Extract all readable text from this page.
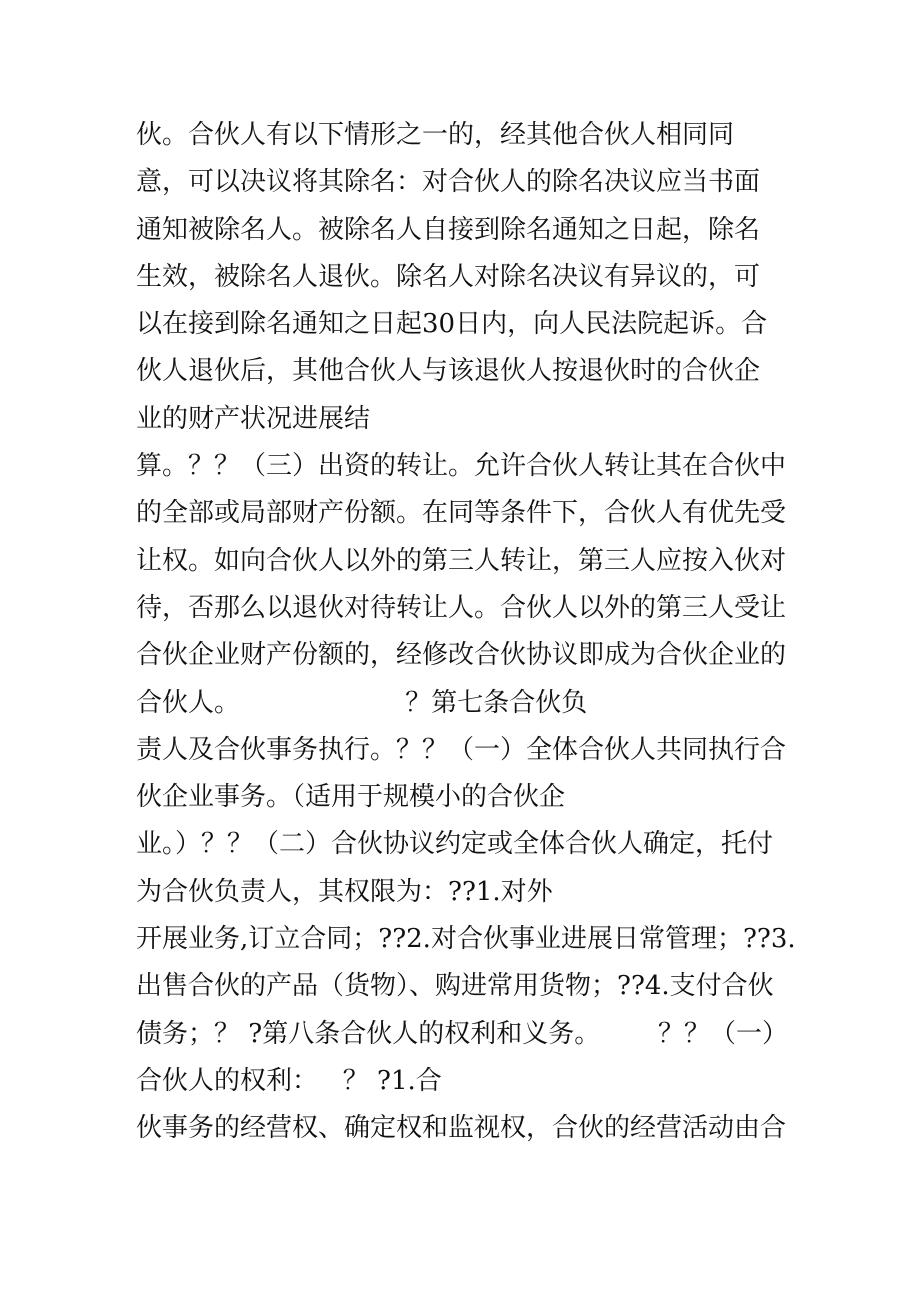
伙。合伙人有以下情形之一的，经其他合伙人相同同
意，可以决议将其除名：对合伙人的除名决议应当书面
通知被除名人。被除名人自接到除名通知之日起，除名
生效，被除名人退伙。除名人对除名决议有异议的，可
以在接到除名通知之日起30日内，向人民法院起诉。合
伙人退伙后，其他合伙人与该退伙人按退伙时的合伙企
业的财产状况进展结
算。？？（三）出资的转让。允许合伙人转让其在合伙中
的全部或局部财产份额。在同等条件下，合伙人有优先受
让权。如向合伙人以外的第三人转让，第三人应按入伙对
待，否那么以退伙对待转让人。合伙人以外的第三人受让
合伙企业财产份额的，经修改合伙协议即成为合伙企业的
合伙人。                    ？第七条合伙负
责人及合伙事务执行。？？（一）全体合伙人共同执行合
伙企业事务。（适用于规模小的合伙企
业。）？？（二）合伙协议约定或全体合伙人确定，托付
为合伙负责人，其权限为：??1.对外
开展业务,订立合同；??2.对合伙事业进展日常管理；??3.
出售合伙的产品（货物）、购进常用货物；??4.支付合伙
债务；？ ?第八条合伙人的权利和义务。       ？？（一）
合伙人的权利：   ？ ?1.合
伙事务的经营权、确定权和监视权，合伙的经营活动由合
